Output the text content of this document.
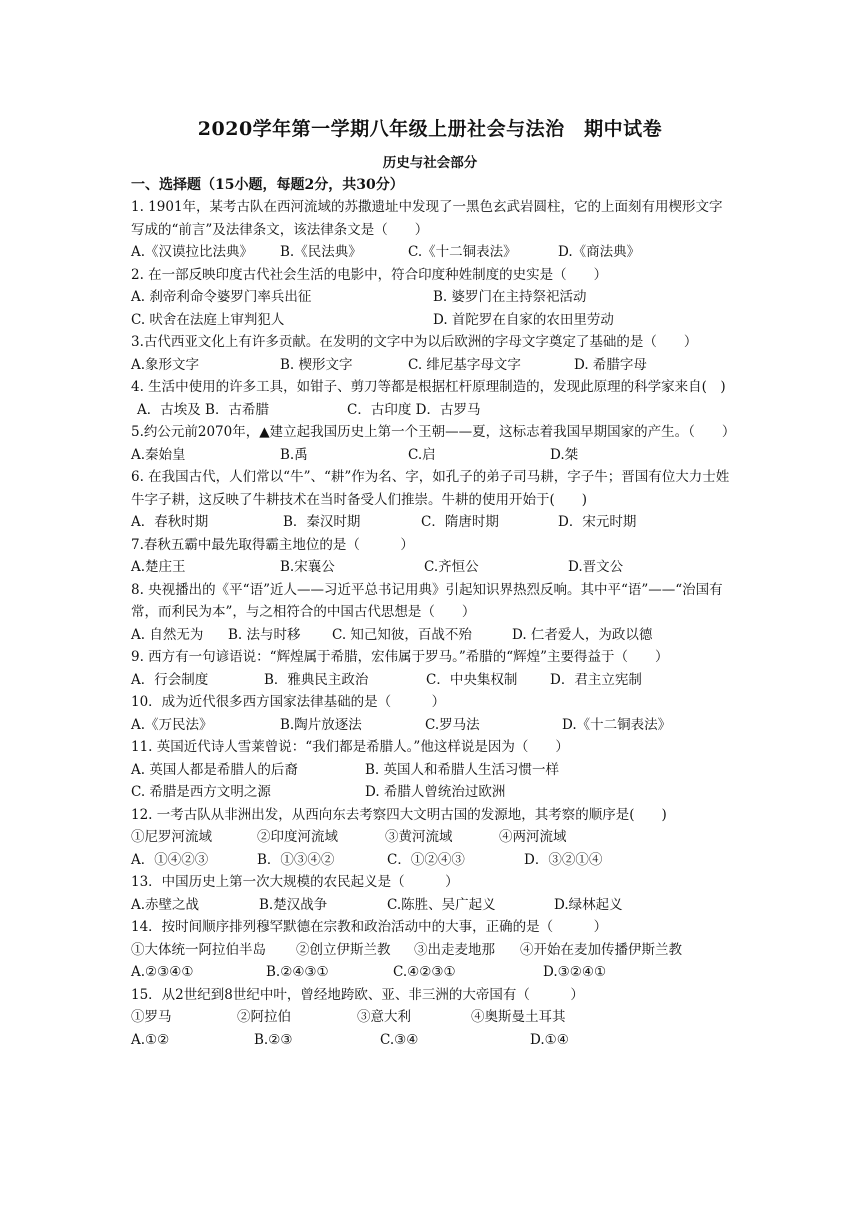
2020学年第一学期八年级上册社会与法治　期中试卷
历史与社会部分
一、选择题（15小题，每题2分，共30分）
1. 1901年，某考古队在西河流域的苏撒遗址中发现了一黑色玄武岩圆柱，它的上面刻有用楔形文字写成的“前言”及法律条文，该法律条文是（　　）
A.《汉谟拉比法典》	B.《民法典》	C.《十二铜表法》	D.《商法典》
2. 在一部反映印度古代社会生活的电影中，符合印度种姓制度的史实是（　　）
A. 刹帝利命令婆罗门率兵出征	B. 婆罗门在主持祭祀活动
C. 吠舍在法庭上审判犯人	D. 首陀罗在自家的农田里劳动
3.古代西亚文化上有许多贡献。在发明的文字中为以后欧洲的字母文字奠定了基础的是（　　）
A.象形文字	B. 楔形文字	C. 绯尼基字母文字	D. 希腊字母
4. 生活中使用的许多工具，如钳子、剪刀等都是根据杠杆原理制造的，发现此原理的科学家来自(　)
A．古埃及 B．古希腊	C．古印度 D．古罗马
5.约公元前2070年，▲建立起我国历史上第一个王朝——夏，这标志着我国早期国家的产生。（　　）
A.秦始皇	B.禹	C.启	D.桀
6. 在我国古代，人们常以“牛”、“耕”作为名、字，如孔子的弟子司马耕，字子牛；晋国有位大力士姓牛字子耕，这反映了牛耕技术在当时备受人们推崇。牛耕的使用开始于(　　)
A．春秋时期	B．秦汉时期	C．隋唐时期	D．宋元时期
7.春秋五霸中最先取得霸主地位的是（　　　）
A.楚庄王	B.宋襄公	C.齐恒公	D.晋文公
8. 央视播出的《平“语”近人——习近平总书记用典》引起知识界热烈反响。其中平“语”——“治国有常，而利民为本”，与之相符合的中国古代思想是（　　）
A. 自然无为	B. 法与时移	C. 知己知彼，百战不殆	D. 仁者爱人，为政以德
9. 西方有一句谚语说：“辉煌属于希腊，宏伟属于罗马。”希腊的“辉煌”主要得益于（　　）
A．行会制度	B．雅典民主政治	C．中央集权制	D．君主立宪制
10．成为近代很多西方国家法律基础的是（　　　）
A.《万民法》	B.陶片放逐法	C.罗马法	D.《十二铜表法》
11. 英国近代诗人雪莱曾说：“我们都是希腊人。”他这样说是因为（　　）
A. 英国人都是希腊人的后裔	B. 英国人和希腊人生活习惯一样
C. 希腊是西方文明之源	D. 希腊人曾统治过欧洲
12. 一考古队从非洲出发，从西向东去考察四大文明古国的发源地，其考察的顺序是(　　)
①尼罗河流域	②印度河流域	③黄河流域	④两河流域
A．①④②③	B．①③④②	C．①②④③	D．③②①④
13．中国历史上第一次大规模的农民起义是（　　　）
A.赤壁之战	B.楚汉战争	C.陈胜、吴广起义	D.绿林起义
14．按时间顺序排列穆罕默德在宗教和政治活动中的大事，正确的是（　　　）
①大体统一阿拉伯半岛	②创立伊斯兰教	③出走麦地那	④开始在麦加传播伊斯兰教
A.②③④①	B.②④③①	C.④②③①	D.③②④①
15．从2世纪到8世纪中叶，曾经地跨欧、亚、非三洲的大帝国有（　　　）
①罗马	②阿拉伯	③意大利	④奥斯曼土耳其
A.①②	B.②③	C.③④	D.①④
